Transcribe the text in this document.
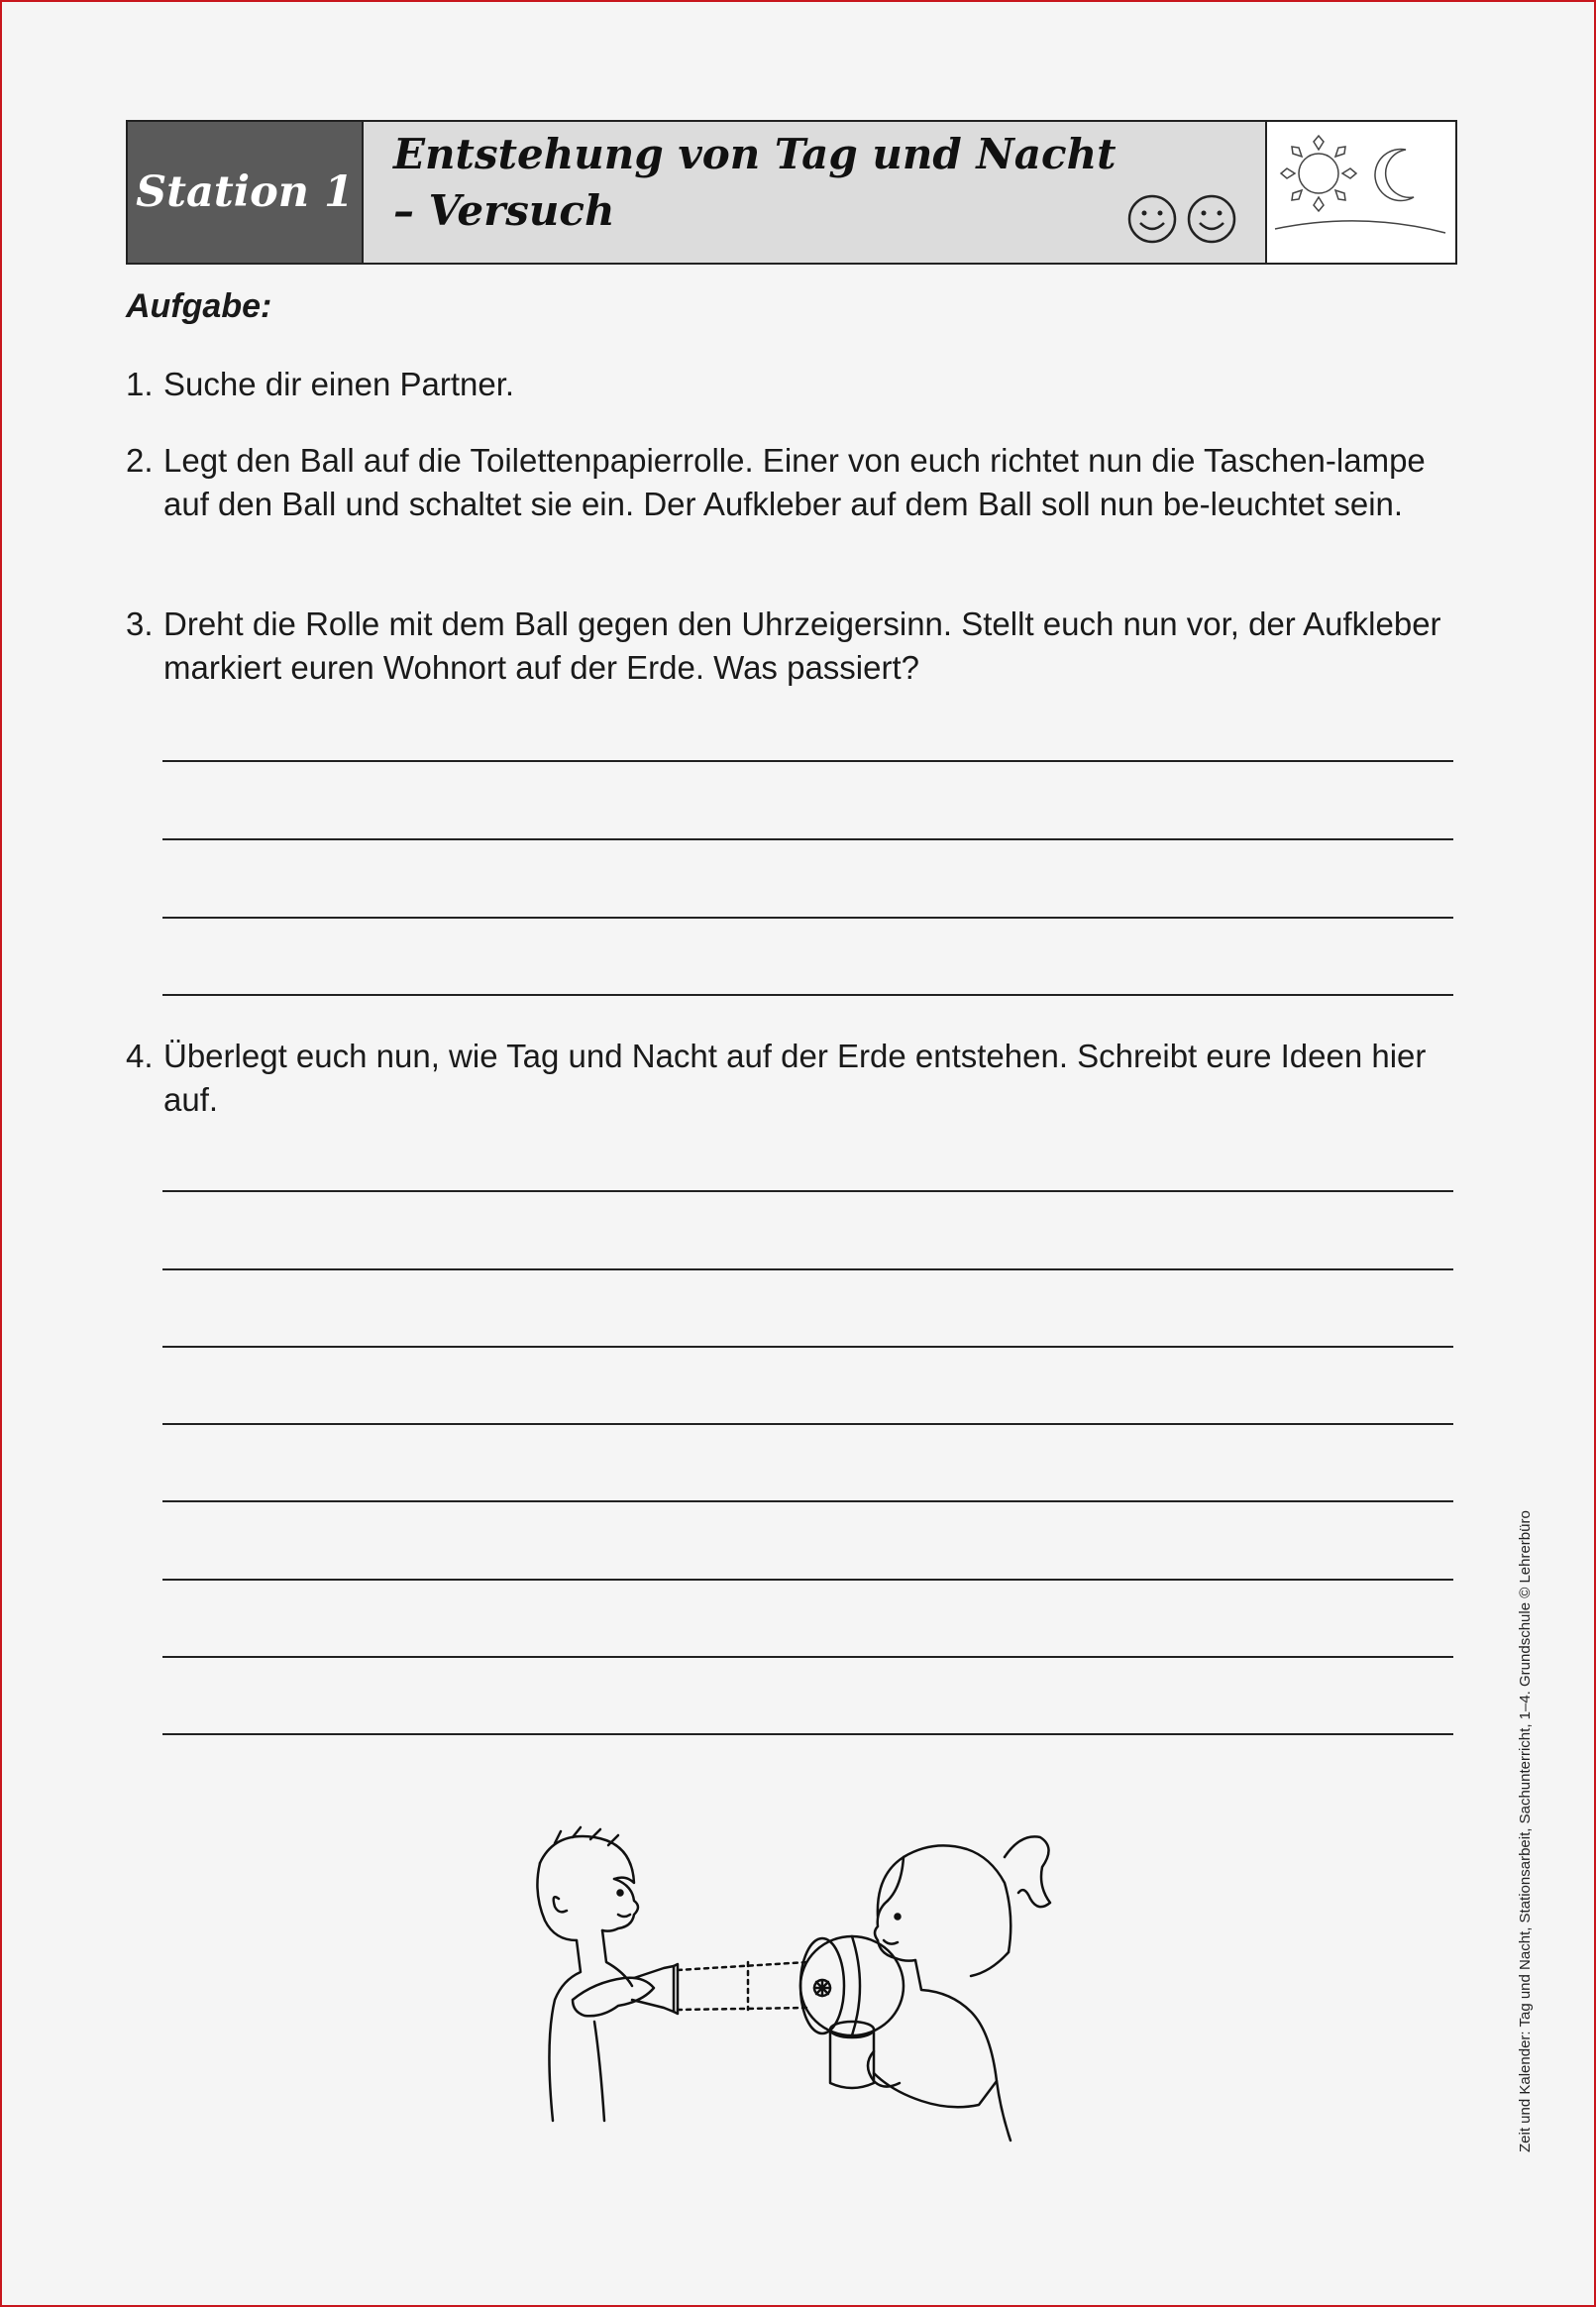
Station 1
Entstehung von Tag und Nacht
– Versuch
Aufgabe:
1. Suche dir einen Partner.
2. Legt den Ball auf die Toilettenpapierrolle. Einer von euch richtet nun die Taschen-lampe auf den Ball und schaltet sie ein. Der Aufkleber auf dem Ball soll nun be-leuchtet sein.
3. Dreht die Rolle mit dem Ball gegen den Uhrzeigersinn. Stellt euch nun vor, der Aufkleber markiert euren Wohnort auf der Erde. Was passiert?
4. Überlegt euch nun, wie Tag und Nacht auf der Erde entstehen. Schreibt eure Ideen hier auf.
Zeit und Kalender: Tag und Nacht, Stationsarbeit, Sachunterricht, 1–4. Grundschule © Lehrerbüro
